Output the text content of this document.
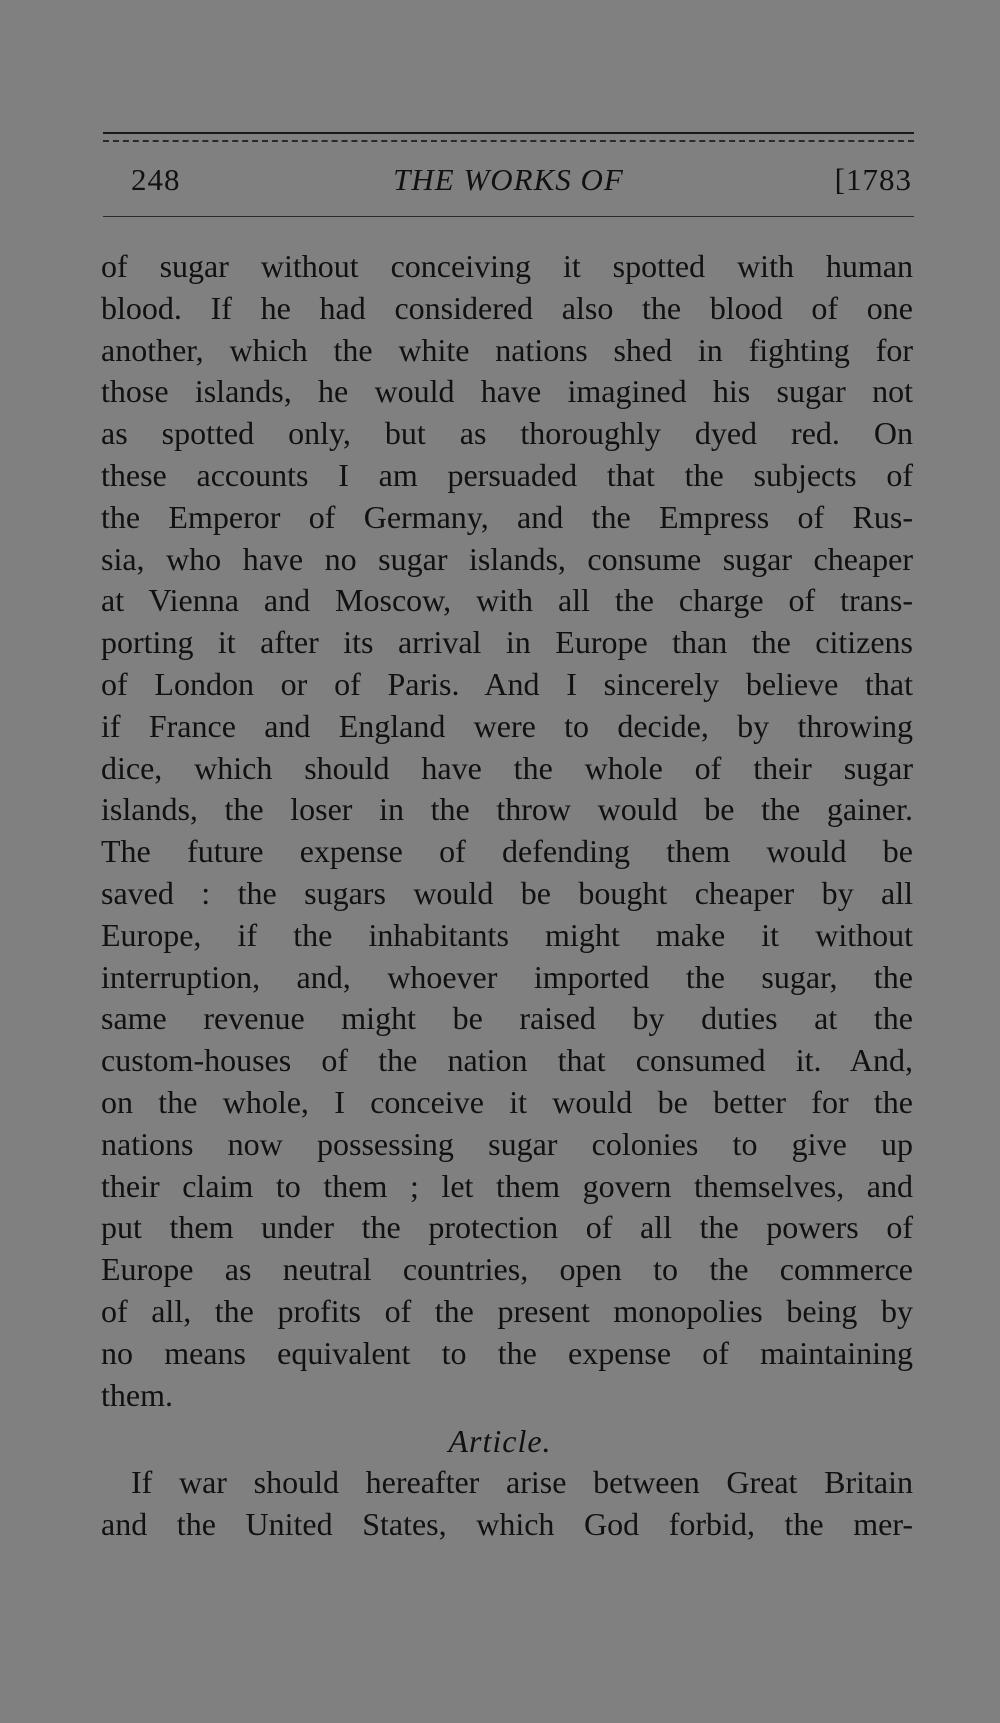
248	THE WORKS OF	[1783
of sugar without conceiving it spotted with human
blood. If he had considered also the blood of one
another, which the white nations shed in fighting for
those islands, he would have imagined his sugar not
as spotted only, but as thoroughly dyed red. On
these accounts I am persuaded that the subjects of
the Emperor of Germany, and the Empress of Rus-
sia, who have no sugar islands, consume sugar cheaper
at Vienna and Moscow, with all the charge of trans-
porting it after its arrival in Europe than the citizens
of London or of Paris. And I sincerely believe that
if France and England were to decide, by throwing
dice, which should have the whole of their sugar
islands, the loser in the throw would be the gainer.
The future expense of defending them would be
saved : the sugars would be bought cheaper by all
Europe, if the inhabitants might make it without
interruption, and, whoever imported the sugar, the
same revenue might be raised by duties at the
custom-houses of the nation that consumed it. And,
on the whole, I conceive it would be better for the
nations now possessing sugar colonies to give up
their claim to them ; let them govern themselves, and
put them under the protection of all the powers of
Europe as neutral countries, open to the commerce
of all, the profits of the present monopolies being by
no means equivalent to the expense of maintaining
them.
Article.
If war should hereafter arise between Great Britain
and the United States, which God forbid, the mer-
